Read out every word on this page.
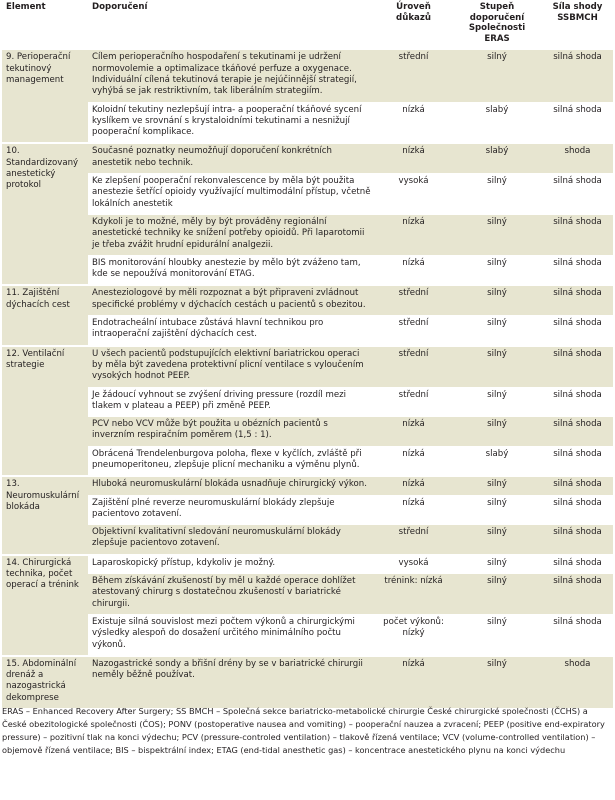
Element	Doporučení	Úroveň důkazů	Stupeň doporučení Společnosti ERAS	Síla shody SSBMCH
9. Perioperační tekutinový management	Cílem perioperačního hospodaření s tekutinami je udržení normovolemie a optimalizace tkáňové perfuze a oxygenace. Individuální cílená tekutinová terapie je nejúčinnější strategií, vyhýbá se jak restriktivním, tak liberálním strategiím.	střední	silný	silná shoda
	Koloidní tekutiny nezlepšují intra- a pooperační tkáňové sycení kyslíkem ve srovnání s krystaloidními tekutinami a nesnižují pooperační komplikace.	nízká	slabý	silná shoda
10. Standardizovaný anestetický protokol	Současné poznatky neumožňují doporučení konkrétních anestetik nebo technik.	nízká	slabý	shoda
	Ke zlepšení pooperační rekonvalescence by měla být použita anestezie šetřící opioidy využívající multimodální přístup, včetně lokálních anestetik	vysoká	silný	silná shoda
	Kdykoli je to možné, měly by být prováděny regionální anestetické techniky ke snížení potřeby opioidů. Při laparotomii je třeba zvážit hrudní epidurální analgezii.	nízká	silný	silná shoda
	BIS monitorování hloubky anestezie by mělo být zváženo tam, kde se nepoužívá monitorování ETAG.	nízká	silný	silná shoda
11. Zajištění dýchacích cest	Anesteziologové by měli rozpoznat a být připraveni zvládnout specifické problémy v dýchacích cestách u pacientů s obezitou.	střední	silný	silná shoda
	Endotracheální intubace zůstává hlavní technikou pro intraoperační zajištění dýchacích cest.	střední	silný	silná shoda
12. Ventilační strategie	U všech pacientů podstupujících elektivní bariatrickou operaci by měla být zavedena protektivní plicní ventilace s vyloučením vysokých hodnot PEEP.	střední	silný	silná shoda
	Je žádoucí vyhnout se zvýšení driving pressure (rozdíl mezi tlakem v plateau a PEEP) při změně PEEP.	střední	silný	silná shoda
	PCV nebo VCV může být použita u obézních pacientů s inverzním respiračním poměrem (1,5 : 1).	nízká	silný	silná shoda
	Obrácená Trendelenburgova poloha, flexe v kyčlích, zvláště při pneumoperitoneu, zlepšuje plicní mechaniku a výměnu plynů.	nízká	slabý	silná shoda
13. Neuromuskulární blokáda	Hluboká neuromuskulární blokáda usnadňuje chirurgický výkon.	nízká	silný	silná shoda
	Zajištění plné reverze neuromuskulární blokády zlepšuje pacientovo zotavení.	nízká	silný	silná shoda
	Objektivní kvalitativní sledování neuromuskulární blokády zlepšuje pacientovo zotavení.	střední	silný	silná shoda
14. Chirurgická technika, počet operací a trénink	Laparoskopický přístup, kdykoliv je možný.	vysoká	silný	silná shoda
	Během získávání zkušeností by měl u každé operace dohlížet atestovaný chirurg s dostatečnou zkušeností v bariatrické chirurgii.	trénink: nízká	silný	silná shoda
	Existuje silná souvislost mezi počtem výkonů a chirurgickými výsledky alespoň do dosažení určitého minimálního počtu výkonů.	počet výkonů: nízký	silný	silná shoda
15. Abdominální drenáž a nazogastrická dekomprese	Nazogastrické sondy a břišní drény by se v bariatrické chirurgii neměly běžně používat.	nízká	silný	shoda

ERAS – Enhanced Recovery After Surgery; SS BMCH – Společná sekce bariatricko-metabolické chirurgie České chirurgické společnosti (ČCHS) a České obezitologické společnosti (ČOS); PONV (postoperative nausea and vomiting) – pooperační nauzea a zvracení; PEEP (positive end-expiratory pressure) – pozitivní tlak na konci výdechu; PCV (pressure-controled ventilation) – tlakově řízená ventilace; VCV (volume-controlled ventilation) – objemově řízená ventilace; BIS – bispektrální index; ETAG (end-tidal anesthetic gas) – koncentrace anestetického plynu na konci výdechu
